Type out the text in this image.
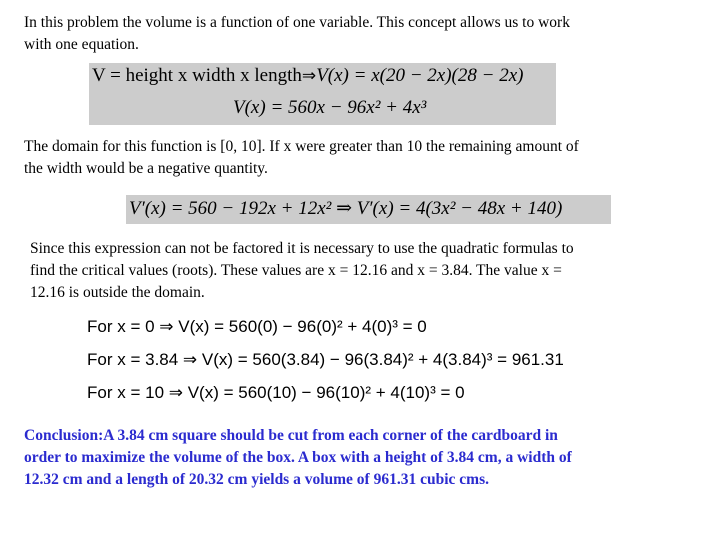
In this problem the volume is a function of one variable. This concept allows us to work
with one equation.
V = height x width x length⇒V(x) = x(20 − 2x)(28 − 2x)
V(x) = 560x − 96x² + 4x³
The domain for this function is [0, 10]. If x were greater than 10 the remaining amount of
the width would be a negative quantity.
V′(x) = 560 − 192x + 12x² ⇒ V′(x) = 4(3x² − 48x + 140)
Since this expression can not be factored it is necessary to use the quadratic formulas to
find the critical values (roots). These values are x = 12.16 and x = 3.84. The value x =
12.16 is outside the domain.
For x = 0 ⇒ V(x) = 560(0) − 96(0)² + 4(0)³ = 0
For x = 3.84 ⇒ V(x) = 560(3.84) − 96(3.84)² + 4(3.84)³ = 961.31
For x = 10 ⇒ V(x) = 560(10) − 96(10)² + 4(10)³ = 0
Conclusion:A 3.84 cm square should be cut from each corner of the cardboard in
order to maximize the volume of the box. A box with a height of 3.84 cm, a width of
12.32 cm and a length of 20.32 cm yields a volume of 961.31 cubic cms.
